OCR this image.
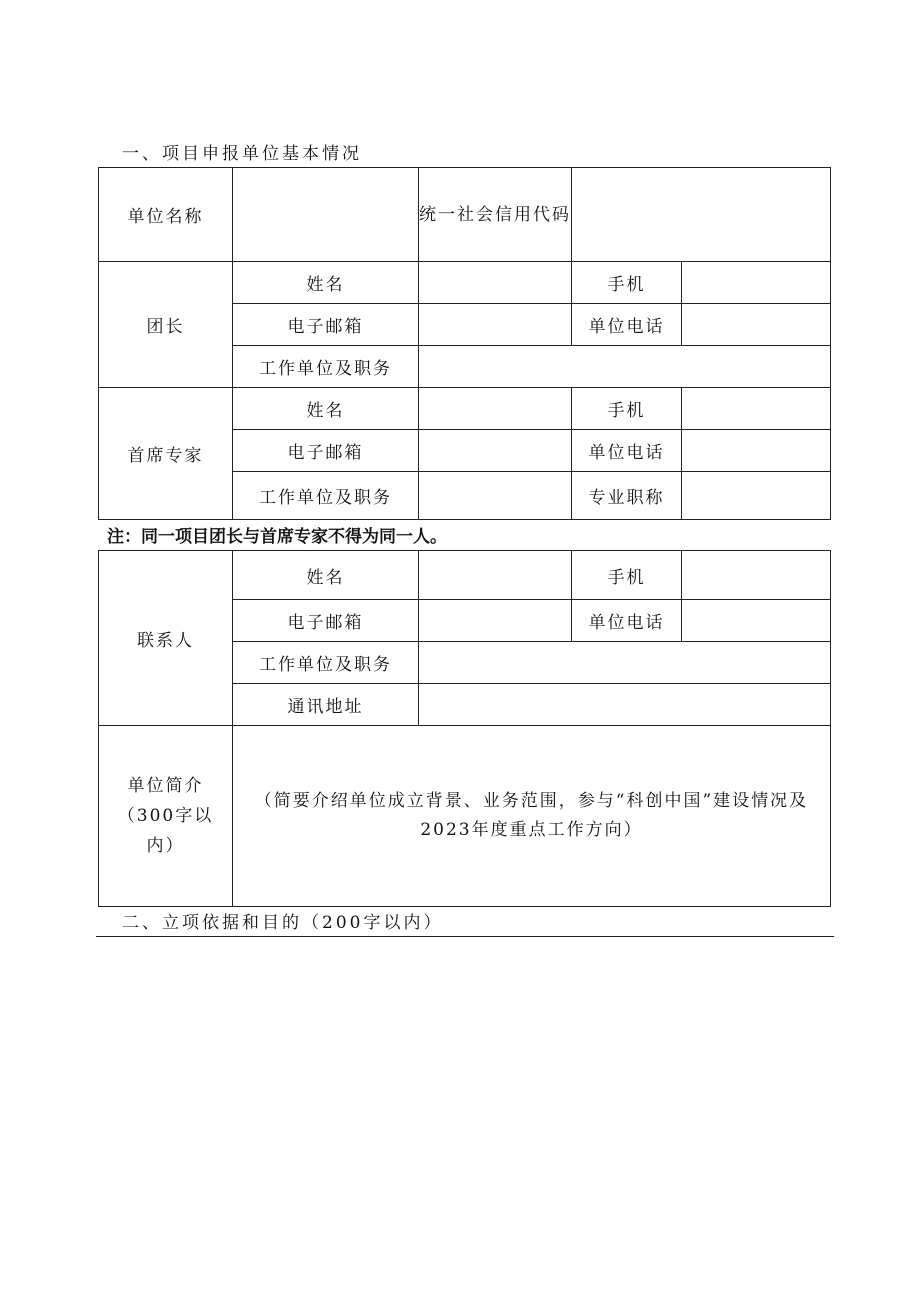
一、项目申报单位基本情况
单位名称		统一社会信用代码		
团长	姓名		手机	
	电子邮箱		单位电话	
	工作单位及职务			
首席专家	姓名		手机	
	电子邮箱		单位电话	
	工作单位及职务		专业职称	
注：同一项目团长与首席专家不得为同一人。
联系人	姓名		手机	
	电子邮箱		单位电话	
	工作单位及职务			
	通讯地址			
单位简介（300字以内）	（简要介绍单位成立背景、业务范围，参与“科创中国”建设情况及2023年度重点工作方向）			
二、立项依据和目的（200字以内）
